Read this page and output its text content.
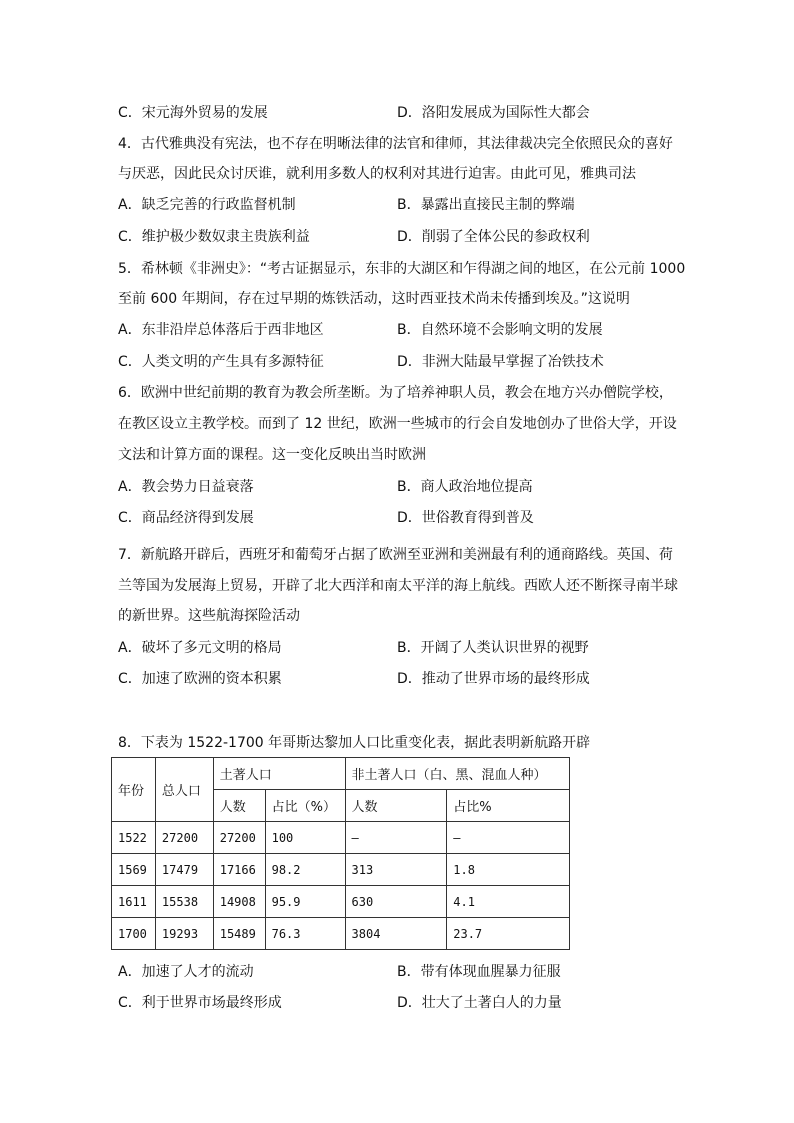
C．宋元海外贸易的发展	D．洛阳发展成为国际性大都会
4．古代雅典没有宪法，也不存在明晰法律的法官和律师，其法律裁决完全依照民众的喜好
与厌恶，因此民众讨厌谁，就利用多数人的权利对其进行迫害。由此可见，雅典司法
A．缺乏完善的行政监督机制	B．暴露出直接民主制的弊端
C．维护极少数奴隶主贵族利益	D．削弱了全体公民的参政权利
5．希林顿《非洲史》：“考古证据显示，东非的大湖区和乍得湖之间的地区，在公元前 1000
至前 600 年期间，存在过早期的炼铁活动，这时西亚技术尚未传播到埃及。”这说明
A．东非沿岸总体落后于西非地区	B．自然环境不会影响文明的发展
C．人类文明的产生具有多源特征	D．非洲大陆最早掌握了冶铁技术
6．欧洲中世纪前期的教育为教会所垄断。为了培养神职人员，教会在地方兴办僧院学校，
在教区设立主教学校。而到了 12 世纪，欧洲一些城市的行会自发地创办了世俗大学，开设
文法和计算方面的课程。这一变化反映出当时欧洲
A．教会势力日益衰落	B．商人政治地位提高
C．商品经济得到发展	D．世俗教育得到普及
7．新航路开辟后，西班牙和葡萄牙占据了欧洲至亚洲和美洲最有利的通商路线。英国、荷
兰等国为发展海上贸易，开辟了北大西洋和南太平洋的海上航线。西欧人还不断探寻南半球
的新世界。这些航海探险活动
A．破坏了多元文明的格局	B．开阔了人类认识世界的视野
C．加速了欧洲的资本积累	D．推动了世界市场的最终形成
8．下表为 1522-1700 年哥斯达黎加人口比重变化表，据此表明新航路开辟
年份	总人口	土著人口		非土著人口（白、黑、混血人种）	
		人数	占比（%）	人数	占比%
1522	27200	27200	100	—	—
1569	17479	17166	98.2	313	1.8
1611	15538	14908	95.9	630	4.1
1700	19293	15489	76.3	3804	23.7
A．加速了人才的流动	B．带有体现血腥暴力征服
C．利于世界市场最终形成	D．壮大了土著白人的力量
